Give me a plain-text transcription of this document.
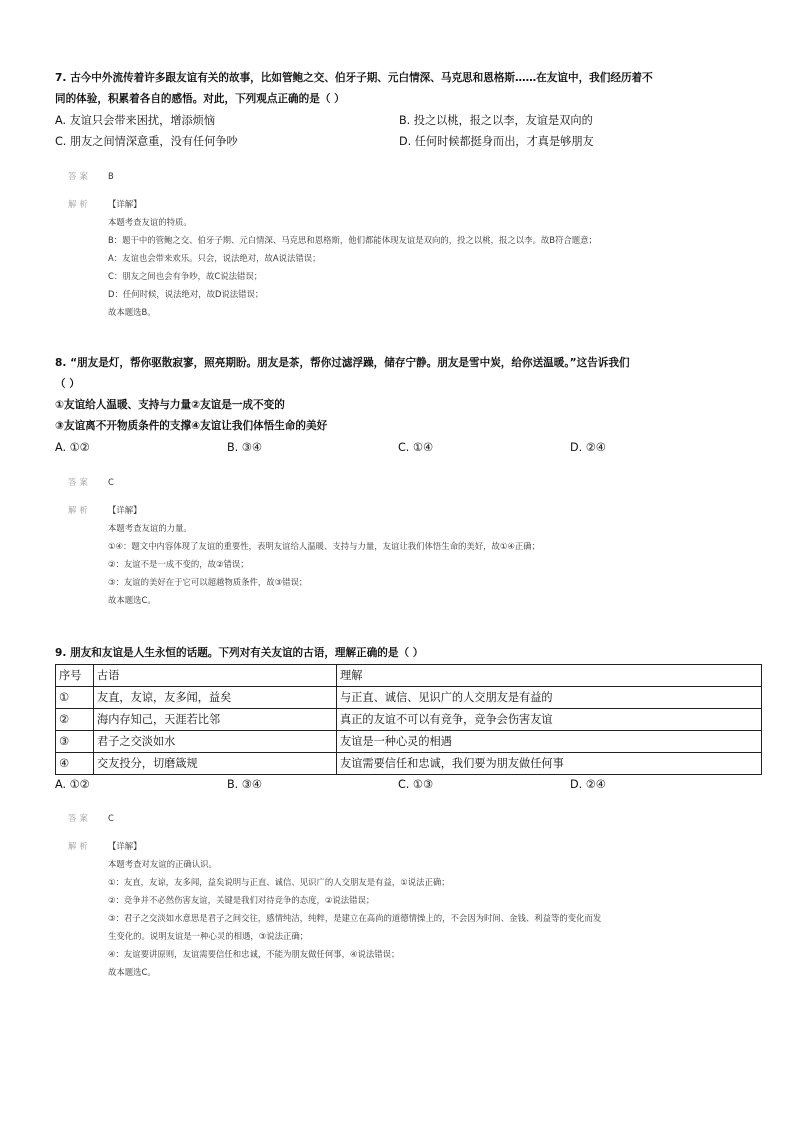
7. 古今中外流传着许多跟友谊有关的故事，比如管鲍之交、伯牙子期、元白情深、马克思和恩格斯……在友谊中，我们经历着不

同的体验，积累着各自的感悟。对此，下列观点正确的是（ ）

A. 友谊只会带来困扰，增添烦恼	B. 投之以桃，报之以李，友谊是双向的
C. 朋友之间情深意重，没有任何争吵	D. 任何时候都挺身而出，才真是够朋友
答案 B
解析 【详解】
本题考查友谊的特质。
B：题干中的管鲍之交、伯牙子期、元白情深、马克思和恩格斯，他们都能体现友谊是双向的，投之以桃，报之以李。故B符合题意；
A：友谊也会带来欢乐。只会，说法绝对，故A说法错误；
C：朋友之间也会有争吵，故C说法错误；
D：任何时候，说法绝对，故D说法错误；
故本题选B。

8. “朋友是灯，帮你驱散寂寥，照亮期盼。朋友是茶，帮你过滤浮躁，储存宁静。朋友是雪中炭，给你送温暖。”这告诉我们

（ ）

①友谊给人温暖、支持与力量②友谊是一成不变的

③友谊离不开物质条件的支撑④友谊让我们体悟生命的美好

A. ①②	B. ③④	C. ①④	D. ②④
答案 C
解析 【详解】
本题考查友谊的力量。
①④：题文中内容体现了友谊的重要性，表明友谊给人温暖、支持与力量，友谊让我们体悟生命的美好，故①④正确；
②：友谊不是一成不变的，故②错误；
③：友谊的美好在于它可以超越物质条件，故③错误；
故本题选C。

9. 朋友和友谊是人生永恒的话题。下列对有关友谊的古语，理解正确的是（ ）

序号	古语	理解
①	友直，友谅，友多闻，益矣	与正直、诚信、见识广的人交朋友是有益的
②	海内存知己，天涯若比邻	真正的友谊不可以有竞争，竞争会伤害友谊
③	君子之交淡如水	友谊是一种心灵的相遇
④	交友投分，切磨箴规	友谊需要信任和忠诚，我们要为朋友做任何事
A. ①②	B. ③④	C. ①③	D. ②④
答案 C
解析 【详解】
本题考查对友谊的正确认识。
①：友直，友谅，友多闻，益矣说明与正直、诚信、见识广的人交朋友是有益，①说法正确；
②：竞争并不必然伤害友谊，关键是我们对待竞争的态度，②说法错误；
③：君子之交淡如水意思是君子之间交往，感情纯洁，纯粹，是建立在高尚的道德情操上的，不会因为时间、金钱、利益等的变化而发
生变化的。说明友谊是一种心灵的相遇，③说法正确；
④：友谊要讲原则，友谊需要信任和忠诚，不能为朋友做任何事，④说法错误；
故本题选C。
